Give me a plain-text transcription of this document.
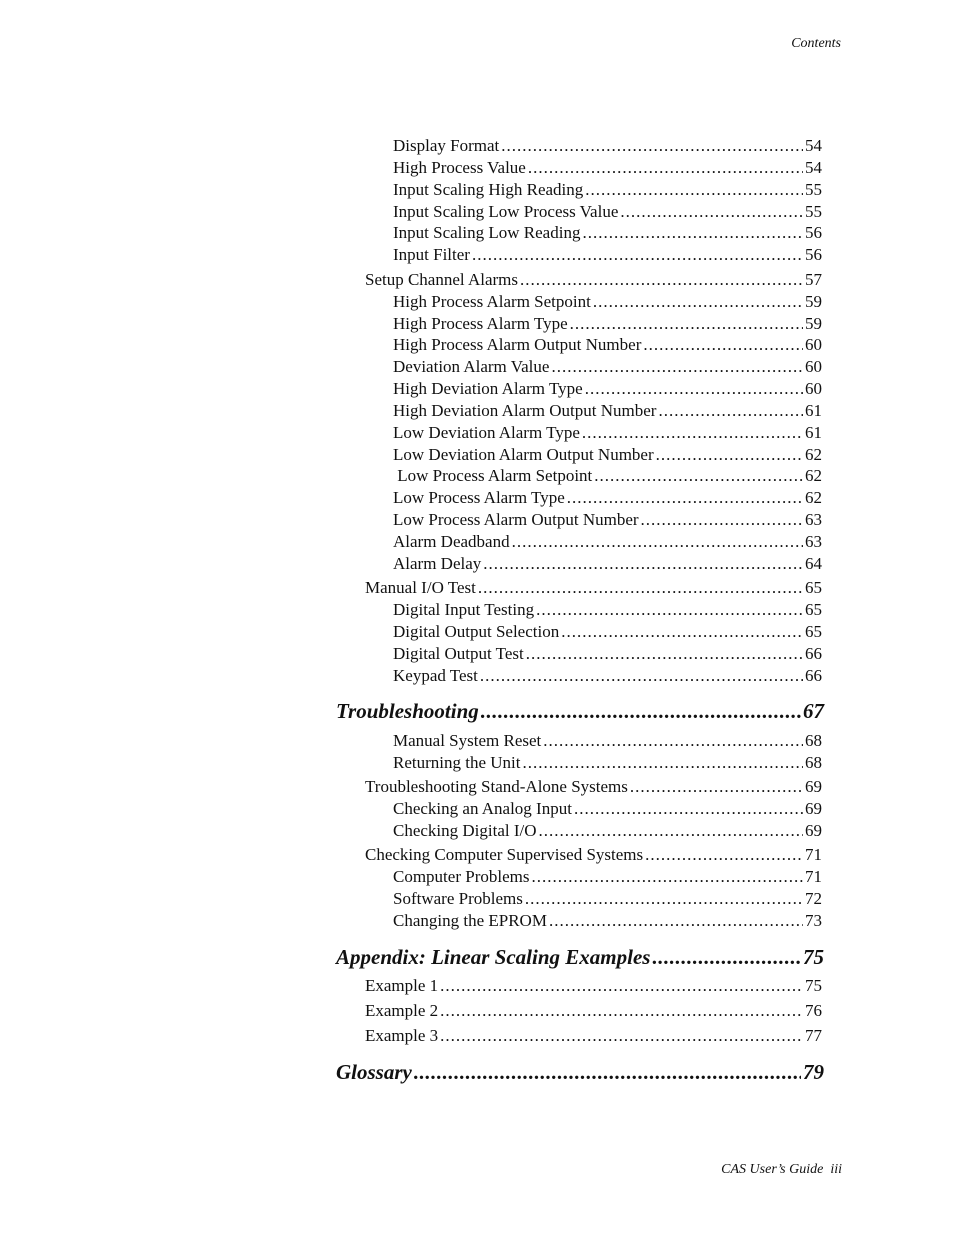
Contents
Display Format .....	54
High Process Value .....	54
Input Scaling High Reading .....	55
Input Scaling Low Process Value .....	55
Input Scaling Low Reading .....	56
Input Filter .....	56
Setup Channel Alarms .....	57
High Process Alarm Setpoint .....	59
High Process Alarm Type .....	59
High Process Alarm Output Number .....	60
Deviation Alarm Value .....	60
High Deviation Alarm Type .....	60
High Deviation Alarm Output Number .....	61
Low Deviation Alarm Type .....	61
Low Deviation Alarm Output Number .....	62
Low Process Alarm Setpoint .....	62
Low Process Alarm Type .....	62
Low Process Alarm Output Number .....	63
Alarm Deadband .....	63
Alarm Delay .....	64
Manual I/O Test .....	65
Digital Input Testing .....	65
Digital Output Selection .....	65
Digital Output Test .....	66
Keypad Test .....	66
Troubleshooting .....	67
Manual System Reset .....	68
Returning the Unit .....	68
Troubleshooting Stand-Alone Systems .....	69
Checking an Analog Input .....	69
Checking Digital I/O .....	69
Checking Computer Supervised Systems .....	71
Computer Problems .....	71
Software Problems .....	72
Changing the EPROM .....	73
Appendix: Linear Scaling Examples .....	75
Example 1 .....	75
Example 2 .....	76
Example 3 .....	77
Glossary .....	79
CAS User’s Guide  iii
